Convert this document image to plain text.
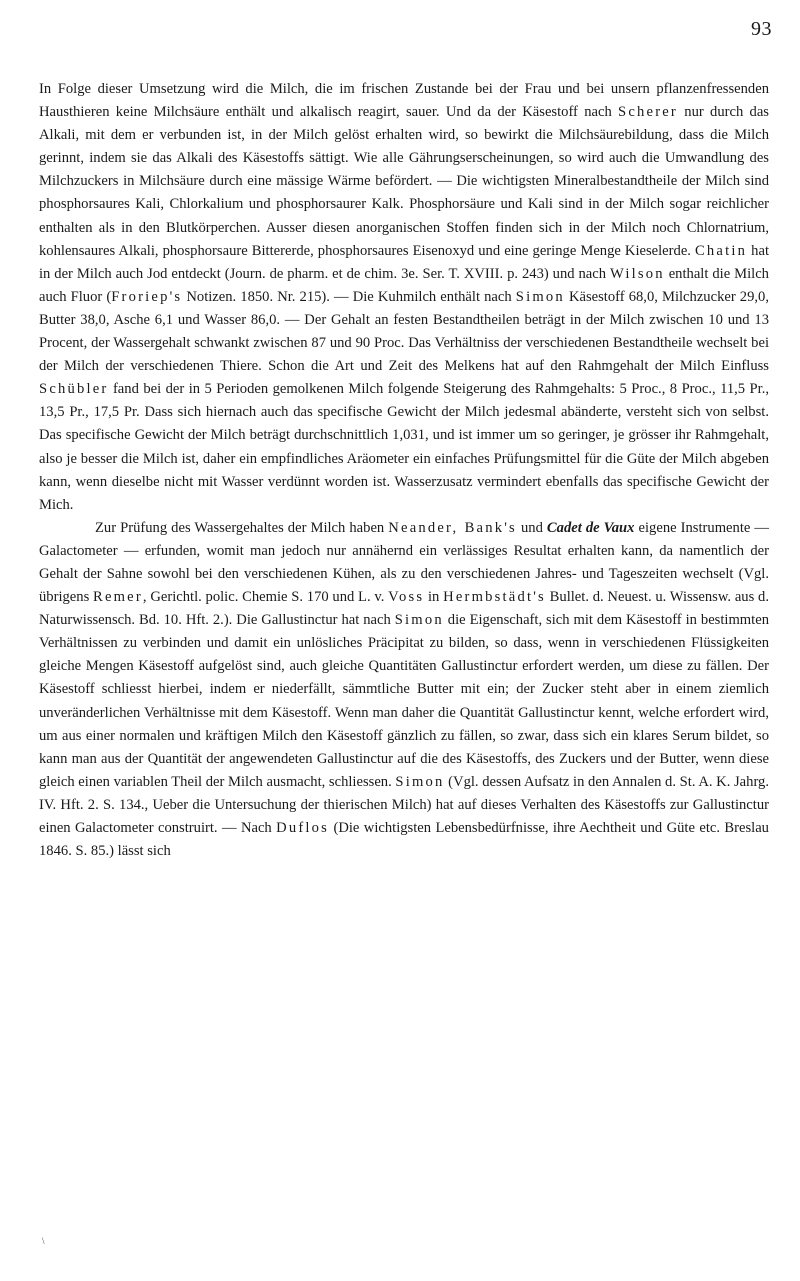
93

In Folge dieser Umsetzung wird die Milch, die im frischen Zustande bei der Frau und bei unsern pflanzenfressenden Hausthieren keine Milchsäure enthält und alkalisch reagirt, sauer. Und da der Käsestoff nach Scherer nur durch das Alkali, mit dem er verbunden ist, in der Milch gelöst erhalten wird, so bewirkt die Milchsäurebildung, dass die Milch gerinnt, indem sie das Alkali des Käsestoffs sättigt. Wie alle Gährungserscheinungen, so wird auch die Umwandlung des Milchzuckers in Milchsäure durch eine mässige Wärme befördert. — Die wichtigsten Mineralbestandtheile der Milch sind phosphorsaures Kali, Chlorkalium und phosphorsaurer Kalk. Phosphorsäure und Kali sind in der Milch sogar reichlicher enthalten als in den Blutkörperchen. Ausser diesen anorganischen Stoffen finden sich in der Milch noch Chlornatrium, kohlensaures Alkali, phosphorsaure Bittererde, phosphorsaures Eisenoxyd und eine geringe Menge Kieselerde. Chatin hat in der Milch auch Jod entdeckt (Journ. de pharm. et de chim. 3e. Ser. T. XVIII. p. 243) und nach Wilson enthalt die Milch auch Fluor (Froriep's Notizen. 1850. Nr. 215). — Die Kuhmilch enthält nach Simon Käsestoff 68,0, Milchzucker 29,0, Butter 38,0, Asche 6,1 und Wasser 86,0. — Der Gehalt an festen Bestandtheilen beträgt in der Milch zwischen 10 und 13 Procent, der Wassergehalt schwankt zwischen 87 und 90 Proc. Das Verhältniss der verschiedenen Bestandtheile wechselt bei der Milch der verschiedenen Thiere. Schon die Art und Zeit des Melkens hat auf den Rahmgehalt der Milch Einfluss Schübler fand bei der in 5 Perioden gemolkenen Milch folgende Steigerung des Rahmgehalts: 5 Proc., 8 Proc., 11,5 Pr., 13,5 Pr., 17,5 Pr. Dass sich hiernach auch das specifische Gewicht der Milch jedesmal abänderte, versteht sich von selbst. Das specifische Gewicht der Milch beträgt durchschnittlich 1,031, und ist immer um so geringer, je grösser ihr Rahmgehalt, also je besser die Milch ist, daher ein empfindliches Aräometer ein einfaches Prüfungsmittel für die Güte der Milch abgeben kann, wenn dieselbe nicht mit Wasser verdünnt worden ist. Wasserzusatz vermindert ebenfalls das specifische Gewicht der Mich.

Zur Prüfung des Wassergehaltes der Milch haben Neander, Bank's und Cadet de Vaux eigene Instrumente — Galactometer — erfunden, womit man jedoch nur annähernd ein verlässiges Resultat erhalten kann, da namentlich der Gehalt der Sahne sowohl bei den verschiedenen Kühen, als zu den verschiedenen Jahres- und Tageszeiten wechselt (Vgl. übrigens Remer, Gerichtl. polic. Chemie S. 170 und L. v. Voss in Hermbstädt's Bullet. d. Neuest. u. Wissensw. aus d. Naturwissensch. Bd. 10. Hft. 2.). Die Gallustinctur hat nach Simon die Eigenschaft, sich mit dem Käsestoff in bestimmten Verhältnissen zu verbinden und damit ein unlösliches Präcipitat zu bilden, so dass, wenn in verschiedenen Flüssigkeiten gleiche Mengen Käsestoff aufgelöst sind, auch gleiche Quantitäten Gallustinctur erfordert werden, um diese zu fällen. Der Käsestoff schliesst hierbei, indem er niederfällt, sämmtliche Butter mit ein; der Zucker steht aber in einem ziemlich unveränderlichen Verhältnisse mit dem Käsestoff. Wenn man daher die Quantität Gallustinctur kennt, welche erfordert wird, um aus einer normalen und kräftigen Milch den Käsestoff gänzlich zu fällen, so zwar, dass sich ein klares Serum bildet, so kann man aus der Quantität der angewendeten Gallustinctur auf die des Käsestoffs, des Zuckers und der Butter, wenn diese gleich einen variablen Theil der Milch ausmacht, schliessen. Simon (Vgl. dessen Aufsatz in den Annalen d. St. A. K. Jahrg. IV. Hft. 2. S. 134., Ueber die Untersuchung der thierischen Milch) hat auf dieses Verhalten des Käsestoffs zur Gallustinctur einen Galactometer construirt. — Nach Duflos (Die wichtigsten Lebensbedürfnisse, ihre Aechtheit und Güte etc. Breslau 1846. S. 85.) lässt sich

\
